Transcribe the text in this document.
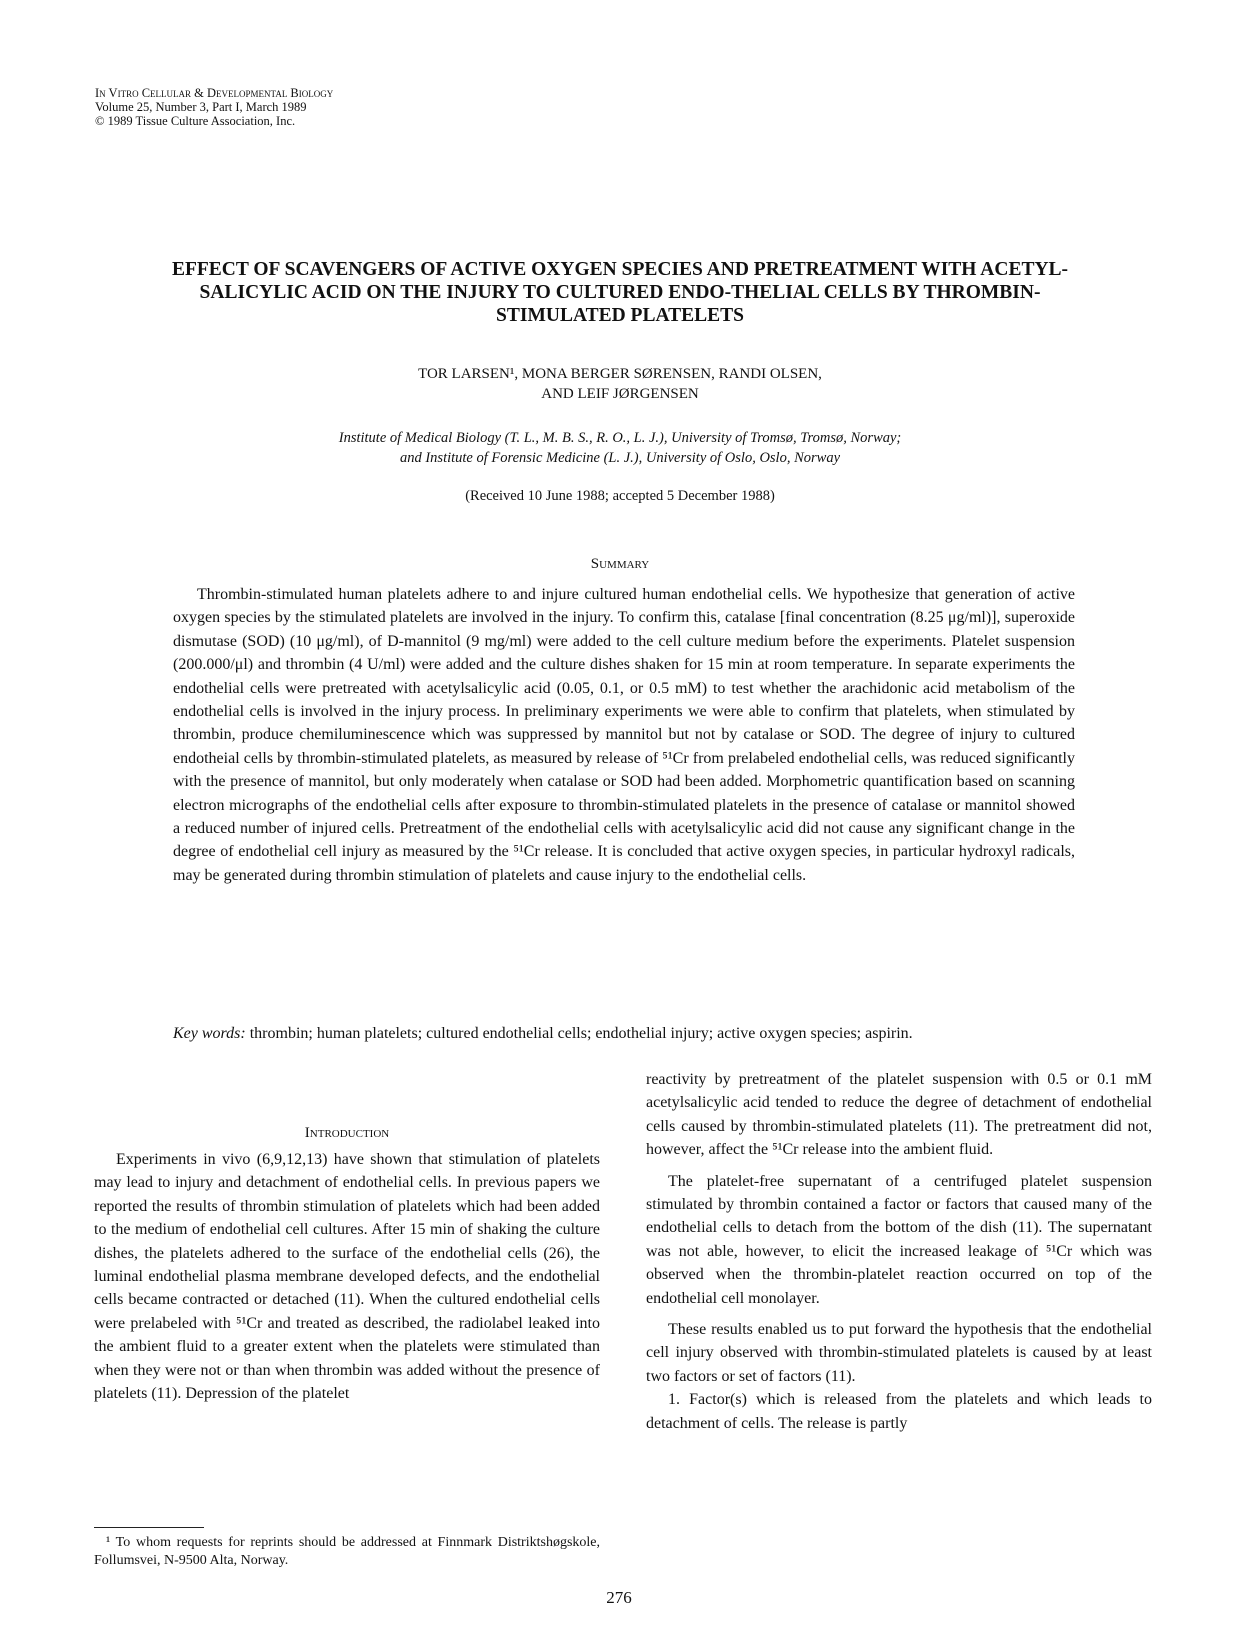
In Vitro Cellular & Developmental Biology
Volume 25, Number 3, Part I, March 1989
© 1989 Tissue Culture Association, Inc.
EFFECT OF SCAVENGERS OF ACTIVE OXYGEN SPECIES AND PRETREATMENT WITH ACETYL-SALICYLIC ACID ON THE INJURY TO CULTURED ENDO-THELIAL CELLS BY THROMBIN-STIMULATED PLATELETS
TOR LARSEN¹, MONA BERGER SØRENSEN, RANDI OLSEN,
AND LEIF JØRGENSEN
Institute of Medical Biology (T. L., M. B. S., R. O., L. J.), University of Tromsø, Tromsø, Norway;
and Institute of Forensic Medicine (L. J.), University of Oslo, Oslo, Norway
(Received 10 June 1988; accepted 5 December 1988)
Summary

Thrombin-stimulated human platelets adhere to and injure cultured human endothelial cells. We hypothesize that generation of active oxygen species by the stimulated platelets are involved in the injury. To confirm this, catalase [final concentration (8.25 μg/ml)], superoxide dismutase (SOD) (10 μg/ml), of D-mannitol (9 mg/ml) were added to the cell culture medium before the experiments. Platelet suspension (200.000/μl) and thrombin (4 U/ml) were added and the culture dishes shaken for 15 min at room temperature. In separate experiments the endothelial cells were pretreated with acetylsalicylic acid (0.05, 0.1, or 0.5 mM) to test whether the arachidonic acid metabolism of the endothelial cells is involved in the injury process. In preliminary experiments we were able to confirm that platelets, when stimulated by thrombin, produce chemiluminescence which was suppressed by mannitol but not by catalase or SOD. The degree of injury to cultured endotheial cells by thrombin-stimulated platelets, as measured by release of ⁵¹Cr from prelabeled endothelial cells, was reduced significantly with the presence of mannitol, but only moderately when catalase or SOD had been added. Morphometric quantification based on scanning electron micrographs of the endothelial cells after exposure to thrombin-stimulated platelets in the presence of catalase or mannitol showed a reduced number of injured cells. Pretreatment of the endothelial cells with acetylsalicylic acid did not cause any significant change in the degree of endothelial cell injury as measured by the ⁵¹Cr release. It is concluded that active oxygen species, in particular hydroxyl radicals, may be generated during thrombin stimulation of platelets and cause injury to the endothelial cells.

Key words: thrombin; human platelets; cultured endothelial cells; endothelial injury; active oxygen species; aspirin.

Introduction

Experiments in vivo (6,9,12,13) have shown that stimulation of platelets may lead to injury and detachment of endothelial cells. In previous papers we reported the results of thrombin stimulation of platelets which had been added to the medium of endothelial cell cultures. After 15 min of shaking the culture dishes, the platelets adhered to the surface of the endothelial cells (26), the luminal endothelial plasma membrane developed defects, and the endothelial cells became contracted or detached (11). When the cultured endothelial cells were prelabeled with ⁵¹Cr and treated as described, the radiolabel leaked into the ambient fluid to a greater extent when the platelets were stimulated than when they were not or than when thrombin was added without the presence of platelets (11). Depression of the platelet

reactivity by pretreatment of the platelet suspension with 0.5 or 0.1 mM acetylsalicylic acid tended to reduce the degree of detachment of endothelial cells caused by thrombin-stimulated platelets (11). The pretreatment did not, however, affect the ⁵¹Cr release into the ambient fluid.

The platelet-free supernatant of a centrifuged platelet suspension stimulated by thrombin contained a factor or factors that caused many of the endothelial cells to detach from the bottom of the dish (11). The supernatant was not able, however, to elicit the increased leakage of ⁵¹Cr which was observed when the thrombin-platelet reaction occurred on top of the endothelial cell monolayer.

These results enabled us to put forward the hypothesis that the endothelial cell injury observed with thrombin-stimulated platelets is caused by at least two factors or set of factors (11).

1. Factor(s) which is released from the platelets and which leads to detachment of cells. The release is partly

¹ To whom requests for reprints should be addressed at Finnmark Distriktshøgskole, Follumsvei, N-9500 Alta, Norway.

276
